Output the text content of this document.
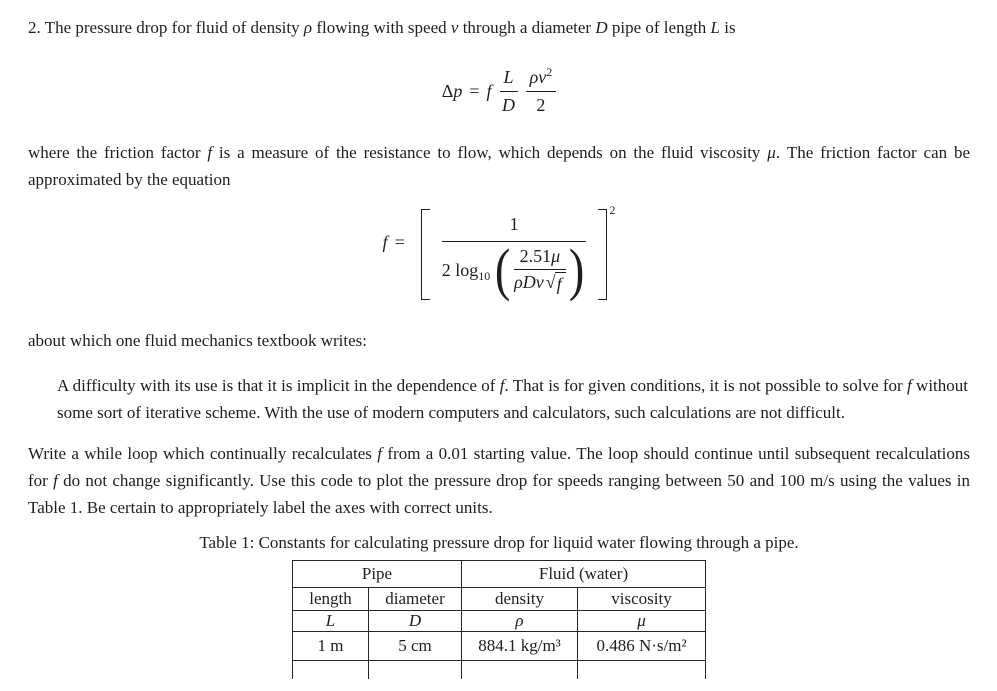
2. The pressure drop for fluid of density ρ flowing with speed v through a diameter D pipe of length L is

Δp = f $\frac{L}{D} \frac{\rho v^2}{2}$

where the friction factor f is a measure of the resistance to flow, which depends on the fluid viscosity μ. The friction factor can be approximated by the equation

f =
1
2 $\log_{10}$ ( 2.51μ
ρDv √ f )
2

about which one fluid mechanics textbook writes:

A difficulty with its use is that it is implicit in the dependence of f. That is for given conditions, it is not possible to solve for f without some sort of iterative scheme. With the use of modern computers and calculators, such calculations are not difficult.

Write a while loop which continually recalculates f from a 0.01 starting value. The loop should continue until subsequent recalculations for f do not change significantly. Use this code to plot the pressure drop for speeds ranging between 50 and 100 m/s using the values in Table 1. Be certain to appropriately label the axes with correct units.

Table 1: Constants for calculating pressure drop for liquid water flowing through a pipe.

Pipe		Fluid (water)	
length	diameter	density	viscosity
L	D	ρ	μ
1 m	5 cm	884.1 kg/m³	0.486 N·s/m²
